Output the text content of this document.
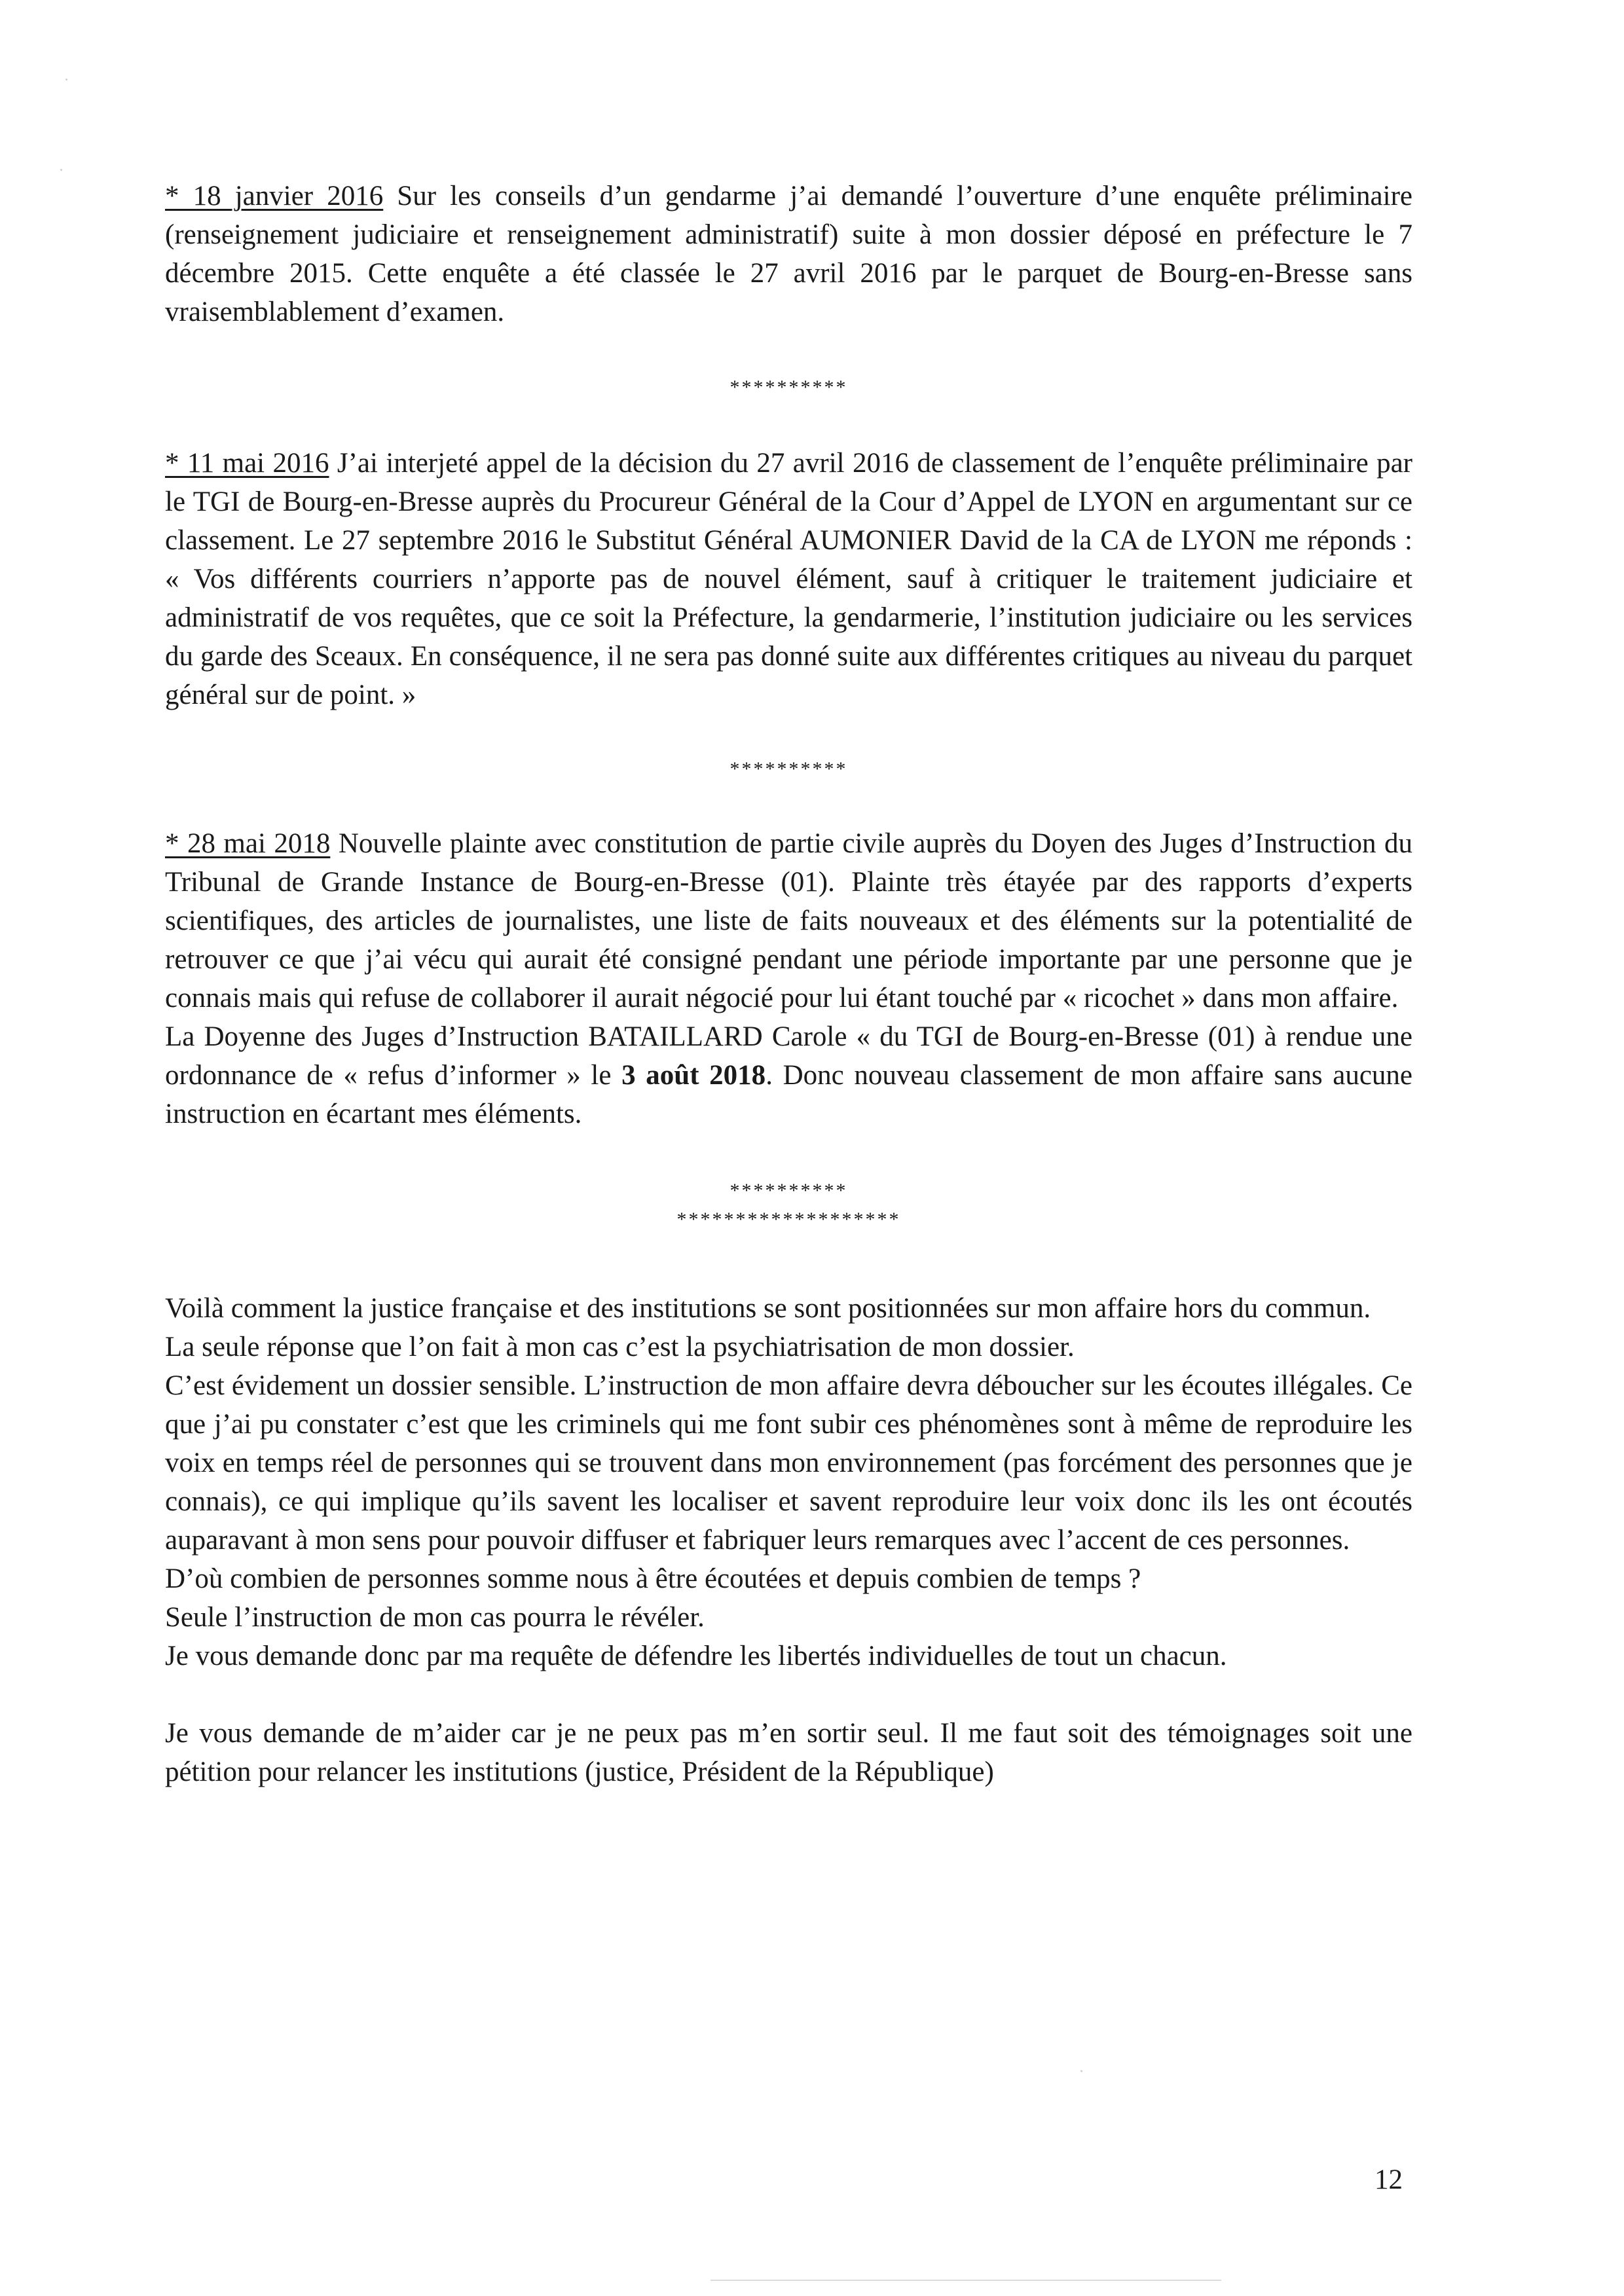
* 18 janvier 2016 Sur les conseils d’un gendarme j’ai demandé l’ouverture d’une enquête préliminaire (renseignement judiciaire et renseignement administratif) suite à mon dossier déposé en préfecture le 7 décembre 2015. Cette enquête a été classée le 27 avril 2016 par le parquet de Bourg-en-Bresse sans vraisemblablement d’examen.

**********

* 11 mai 2016 J’ai interjeté appel de la décision du 27 avril 2016 de classement de l’enquête préliminaire par le TGI de Bourg-en-Bresse auprès du Procureur Général de la Cour d’Appel de LYON en argumentant sur ce classement. Le 27 septembre 2016 le Substitut Général AUMONIER David de la CA de LYON me réponds : « Vos différents courriers n’apporte pas de nouvel élément, sauf à critiquer le traitement judiciaire et administratif de vos requêtes, que ce soit la Préfecture, la gendarmerie, l’institution judiciaire ou les services du garde des Sceaux. En conséquence, il ne sera pas donné suite aux différentes critiques au niveau du parquet général sur de point. »

**********

* 28 mai 2018 Nouvelle plainte avec constitution de partie civile auprès du Doyen des Juges d’Instruction du Tribunal de Grande Instance de Bourg-en-Bresse (01). Plainte très étayée par des rapports d’experts scientifiques, des articles de journalistes, une liste de faits nouveaux et des éléments sur la potentialité de retrouver ce que j’ai vécu qui aurait été consigné pendant une période importante par une personne que je connais mais qui refuse de collaborer il aurait négocié pour lui étant touché par « ricochet » dans mon affaire.
La Doyenne des Juges d’Instruction BATAILLARD Carole « du TGI de Bourg-en-Bresse (01) à rendue une ordonnance de « refus d’informer » le 3 août 2018. Donc nouveau classement de mon affaire sans aucune instruction en écartant mes éléments.

**********

*******************

Voilà comment la justice française et des institutions se sont positionnées sur mon affaire hors du commun.
La seule réponse que l’on fait à mon cas c’est la psychiatrisation de mon dossier.
C’est évidement un dossier sensible. L’instruction de mon affaire devra déboucher sur les écoutes illégales. Ce que j’ai pu constater c’est que les criminels qui me font subir ces phénomènes sont à même de reproduire les voix en temps réel de personnes qui se trouvent dans mon environnement (pas forcément des personnes que je connais), ce qui implique qu’ils savent les localiser et savent reproduire leur voix donc ils les ont écoutés auparavant à mon sens pour pouvoir diffuser et fabriquer leurs remarques avec l’accent de ces personnes.
D’où combien de personnes somme nous à être écoutées et depuis combien de temps ?
Seule l’instruction de mon cas pourra le révéler.
Je vous demande donc par ma requête de défendre les libertés individuelles de tout un chacun.

Je vous demande de m’aider car je ne peux pas m’en sortir seul. Il me faut soit des témoignages soit une pétition pour relancer les institutions (justice, Président de la République)

12
